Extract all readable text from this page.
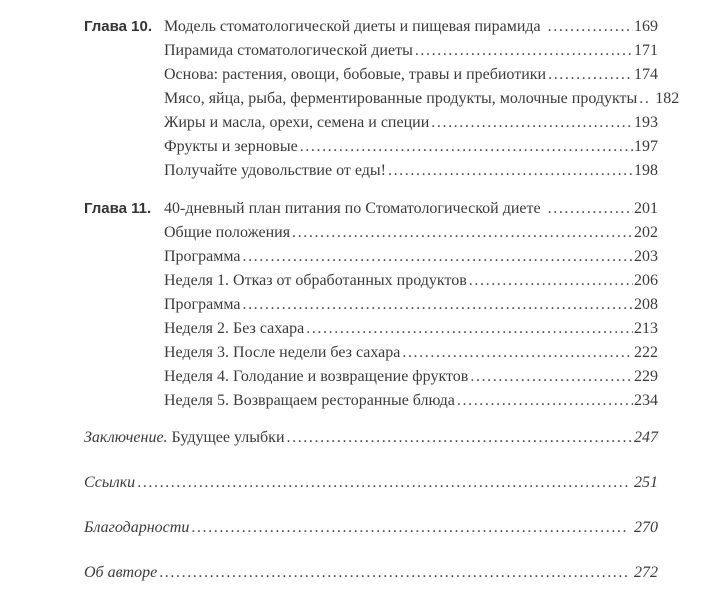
Глава 10. Модель стоматологической диеты и пищевая пирамида .....	169
Пирамида стоматологической диеты .....	171
Основа: растения, овощи, бобовые, травы и пребиотики .....	174
Мясо, яйца, рыба, ферментированные продукты, молочные продукты ..... 182
Жиры и масла, орехи, семена и специи .....	193
Фрукты и зерновые .....	197
Получайте удовольствие от еды! .....	198
Глава 11. 40-дневный план питания по Стоматологической диете .....	201
Общие положения .....	202
Программа .....	203
Неделя 1. Отказ от обработанных продуктов .....	206
Программа .....	208
Неделя 2. Без сахара .....	213
Неделя 3. После недели без сахара .....	222
Неделя 4. Голодание и возвращение фруктов .....	229
Неделя 5. Возвращаем ресторанные блюда .....	234
Заключение. Будущее улыбки .....	247
Ссылки .....	251
Благодарности .....	270
Об авторе .....	272
